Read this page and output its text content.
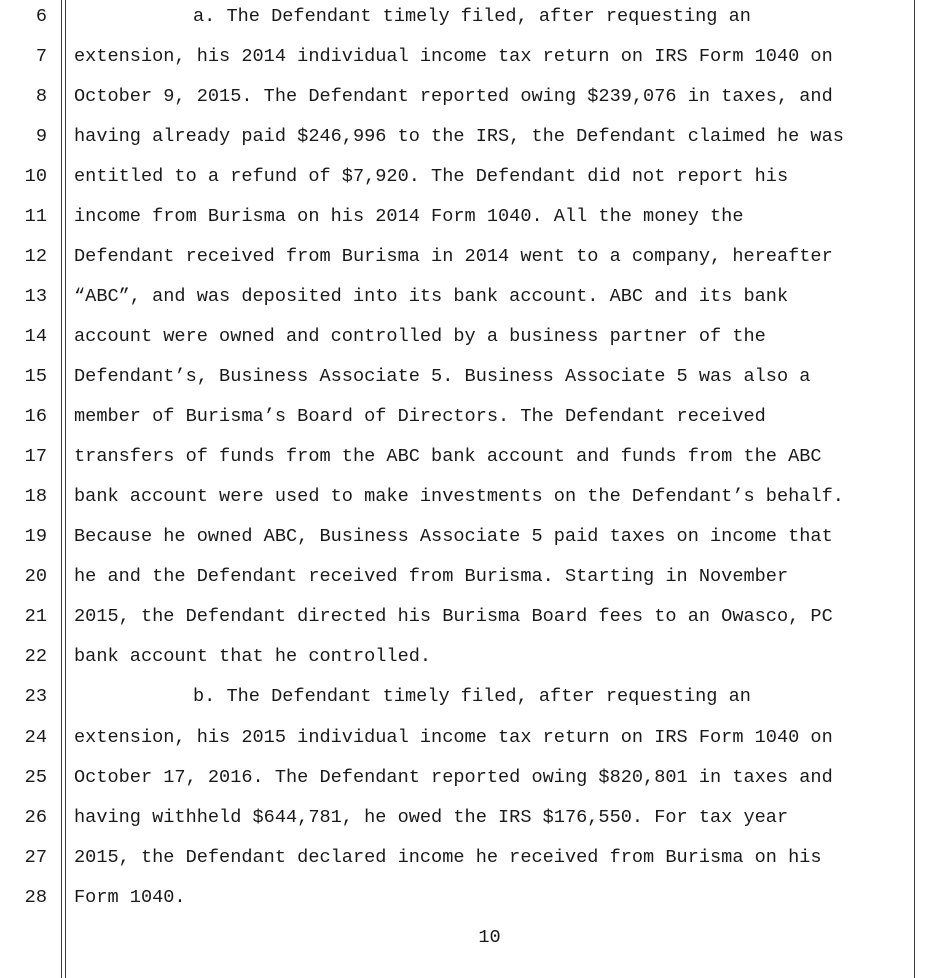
6
7
8
9
10
11
12
13
14
15
16
17
18
19
20
21
22
23
24
25
26
27
28
a. The Defendant timely filed, after requesting an
extension, his 2014 individual income tax return on IRS Form 1040 on
October 9, 2015. The Defendant reported owing $239,076 in taxes, and
having already paid $246,996 to the IRS, the Defendant claimed he was
entitled to a refund of $7,920. The Defendant did not report his
income from Burisma on his 2014 Form 1040. All the money the
Defendant received from Burisma in 2014 went to a company, hereafter
“ABC”, and was deposited into its bank account. ABC and its bank
account were owned and controlled by a business partner of the
Defendant’s, Business Associate 5. Business Associate 5 was also a
member of Burisma’s Board of Directors. The Defendant received
transfers of funds from the ABC bank account and funds from the ABC
bank account were used to make investments on the Defendant’s behalf.
Because he owned ABC, Business Associate 5 paid taxes on income that
he and the Defendant received from Burisma. Starting in November
2015, the Defendant directed his Burisma Board fees to an Owasco, PC
bank account that he controlled.
b. The Defendant timely filed, after requesting an
extension, his 2015 individual income tax return on IRS Form 1040 on
October 17, 2016. The Defendant reported owing $820,801 in taxes and
having withheld $644,781, he owed the IRS $176,550. For tax year
2015, the Defendant declared income he received from Burisma on his
Form 1040.
10
